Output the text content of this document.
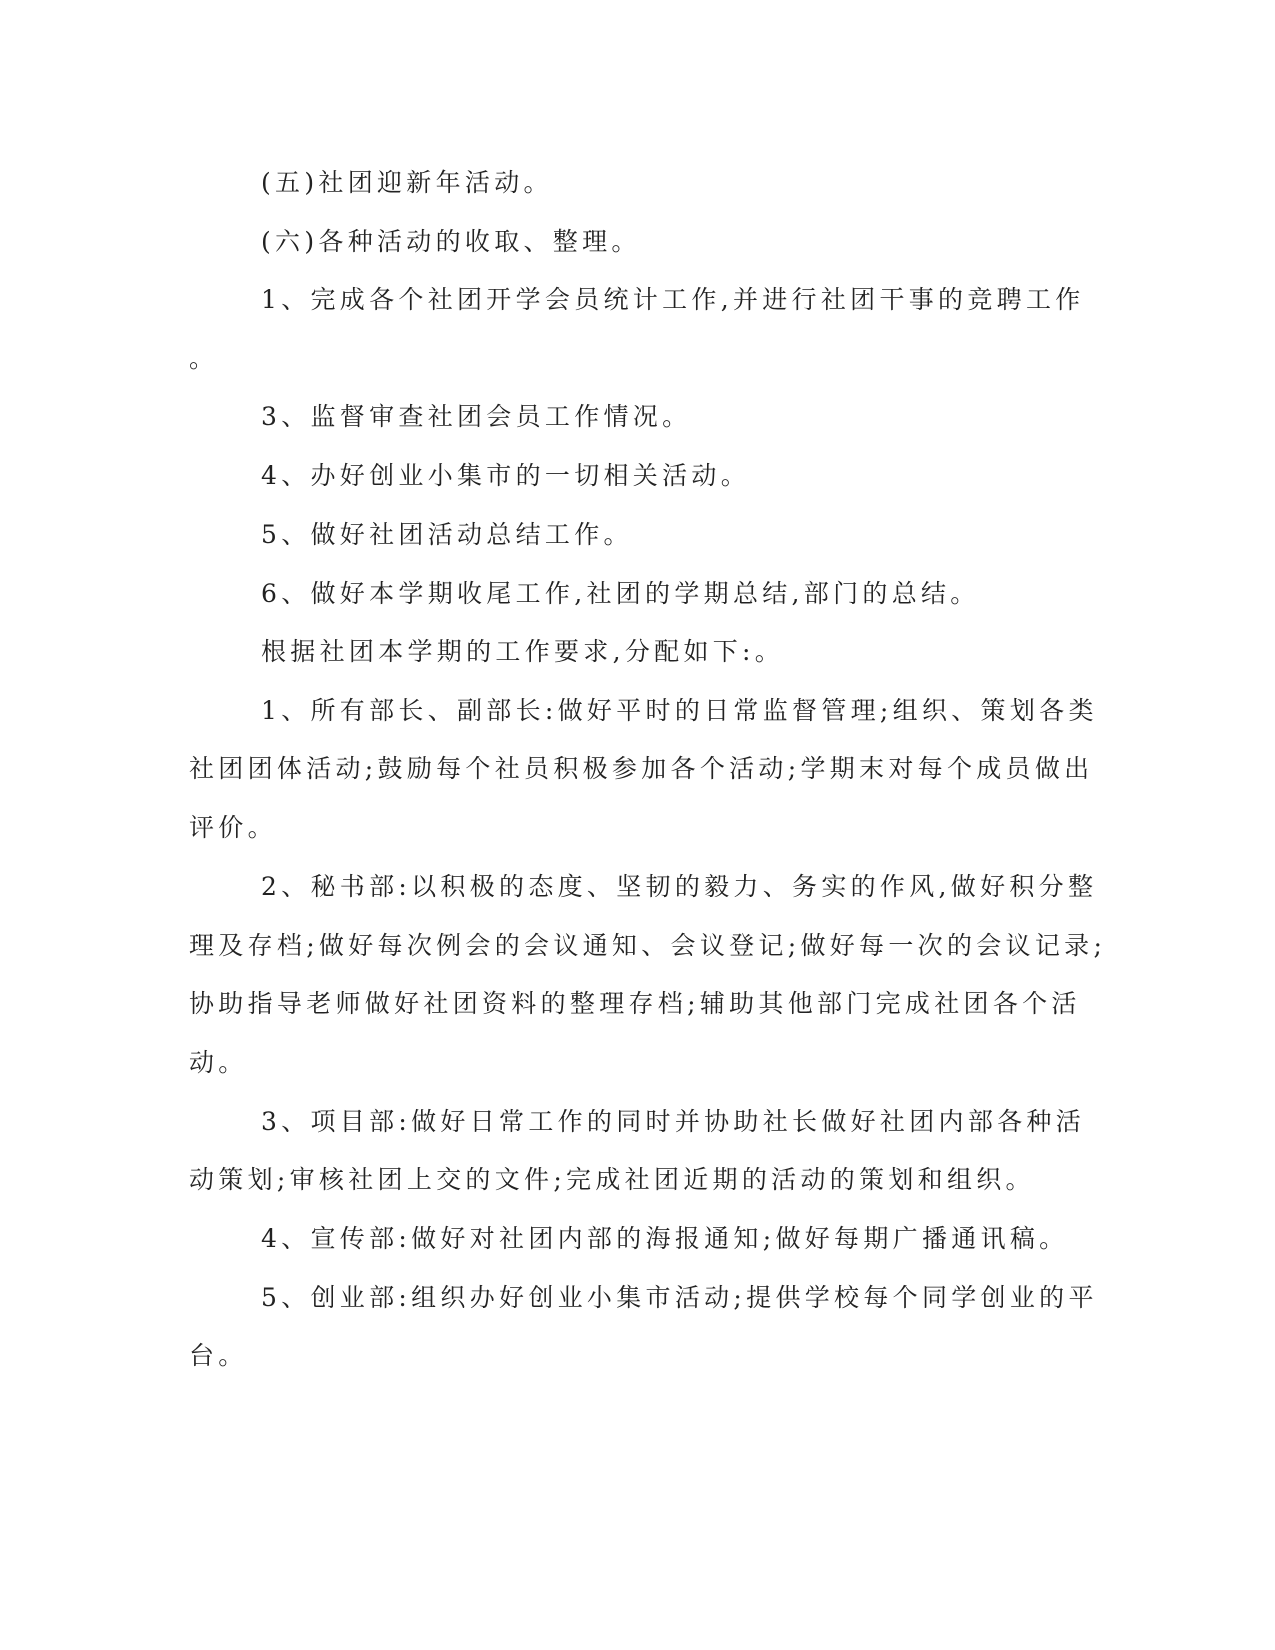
(五)社团迎新年活动。
(六)各种活动的收取、整理。
1、完成各个社团开学会员统计工作,并进行社团干事的竞聘工作
。
3、监督审查社团会员工作情况。
4、办好创业小集市的一切相关活动。
5、做好社团活动总结工作。
6、做好本学期收尾工作,社团的学期总结,部门的总结。
根据社团本学期的工作要求,分配如下:。
1、所有部长、副部长:做好平时的日常监督管理;组织、策划各类
社团团体活动;鼓励每个社员积极参加各个活动;学期末对每个成员做出
评价。
2、秘书部:以积极的态度、坚韧的毅力、务实的作风,做好积分整
理及存档;做好每次例会的会议通知、会议登记;做好每一次的会议记录;
协助指导老师做好社团资料的整理存档;辅助其他部门完成社团各个活
动。
3、项目部:做好日常工作的同时并协助社长做好社团内部各种活
动策划;审核社团上交的文件;完成社团近期的活动的策划和组织。
4、宣传部:做好对社团内部的海报通知;做好每期广播通讯稿。
5、创业部:组织办好创业小集市活动;提供学校每个同学创业的平
台。
